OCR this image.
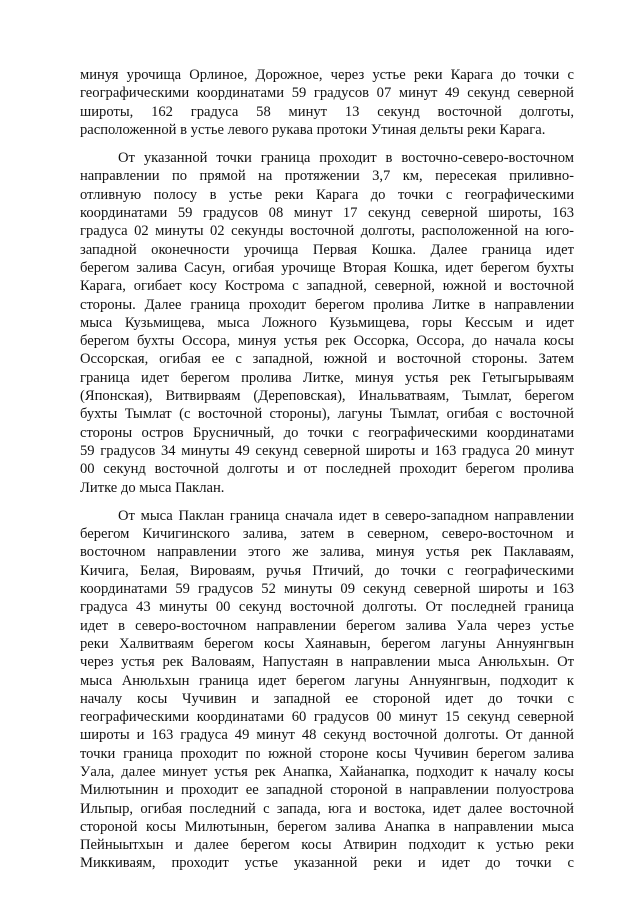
минуя урочища Орлиное, Дорожное, через устье реки Карага до точки с
географическими координатами 59 градусов 07 минут 49 секунд северной
широты, 162 градуса 58 минут 13 секунд восточной долготы,
расположенной в устье левого рукава протоки Утиная дельты реки Карага.
От указанной точки граница проходит в восточно-северо-восточном
направлении по прямой на протяжении 3,7 км, пересекая приливно-
отливную полосу в устье реки Карага до точки с географическими
координатами 59 градусов 08 минут 17 секунд северной широты, 163
градуса 02 минуты 02 секунды восточной долготы, расположенной на юго-
западной оконечности урочища Первая Кошка. Далее граница идет
берегом залива Сасун, огибая урочище Вторая Кошка, идет берегом бухты
Карага, огибает косу Кострома с западной, северной, южной и восточной
стороны. Далее граница проходит берегом пролива Литке в направлении
мыса Кузьмищева, мыса Ложного Кузьмищева, горы Кессым и идет
берегом бухты Оссора, минуя устья рек Оссорка, Оссора, до начала косы
Оссорская, огибая ее с западной, южной и восточной стороны. Затем
граница идет берегом пролива Литке, минуя устья рек Гетыгырываям
(Японская), Витвирваям (Дереповская), Инальватваям, Тымлат, берегом
бухты Тымлат (с восточной стороны), лагуны Тымлат, огибая с восточной
стороны остров Брусничный, до точки с географическими координатами
59 градусов 34 минуты 49 секунд северной широты и 163 градуса 20 минут
00 секунд восточной долготы и от последней проходит берегом пролива
Литке до мыса Паклан.
От мыса Паклан граница сначала идет в северо-западном направлении
берегом Кичигинского залива, затем в северном, северо-восточном и
восточном направлении этого же залива, минуя устья рек Паклаваям,
Кичига, Белая, Вироваям, ручья Птичий, до точки с географическими
координатами 59 градусов 52 минуты 09 секунд северной широты и 163
градуса 43 минуты 00 секунд восточной долготы. От последней граница
идет в северо-восточном направлении берегом залива Уала через устье
реки Халвитваям берегом косы Хаянавын, берегом лагуны Аннуянгвын
через устья рек Валоваям, Напустаян в направлении мыса Анюльхын. От
мыса Анюльхын граница идет берегом лагуны Аннуянгвын, подходит к
началу косы Чучивин и западной ее стороной идет до точки с
географическими координатами 60 градусов 00 минут 15 секунд северной
широты и 163 градуса 49 минут 48 секунд восточной долготы. От данной
точки граница проходит по южной стороне косы Чучивин берегом залива
Уала, далее минует устья рек Анапка, Хайанапка, подходит к началу косы
Милютынин и проходит ее западной стороной в направлении полуострова
Ильпыр, огибая последний с запада, юга и востока, идет далее восточной
стороной косы Милютынын, берегом залива Анапка в направлении мыса
Пейныытхын и далее берегом косы Атвирин подходит к устью реки
Миккиваям, проходит устье указанной реки и идет до точки с
